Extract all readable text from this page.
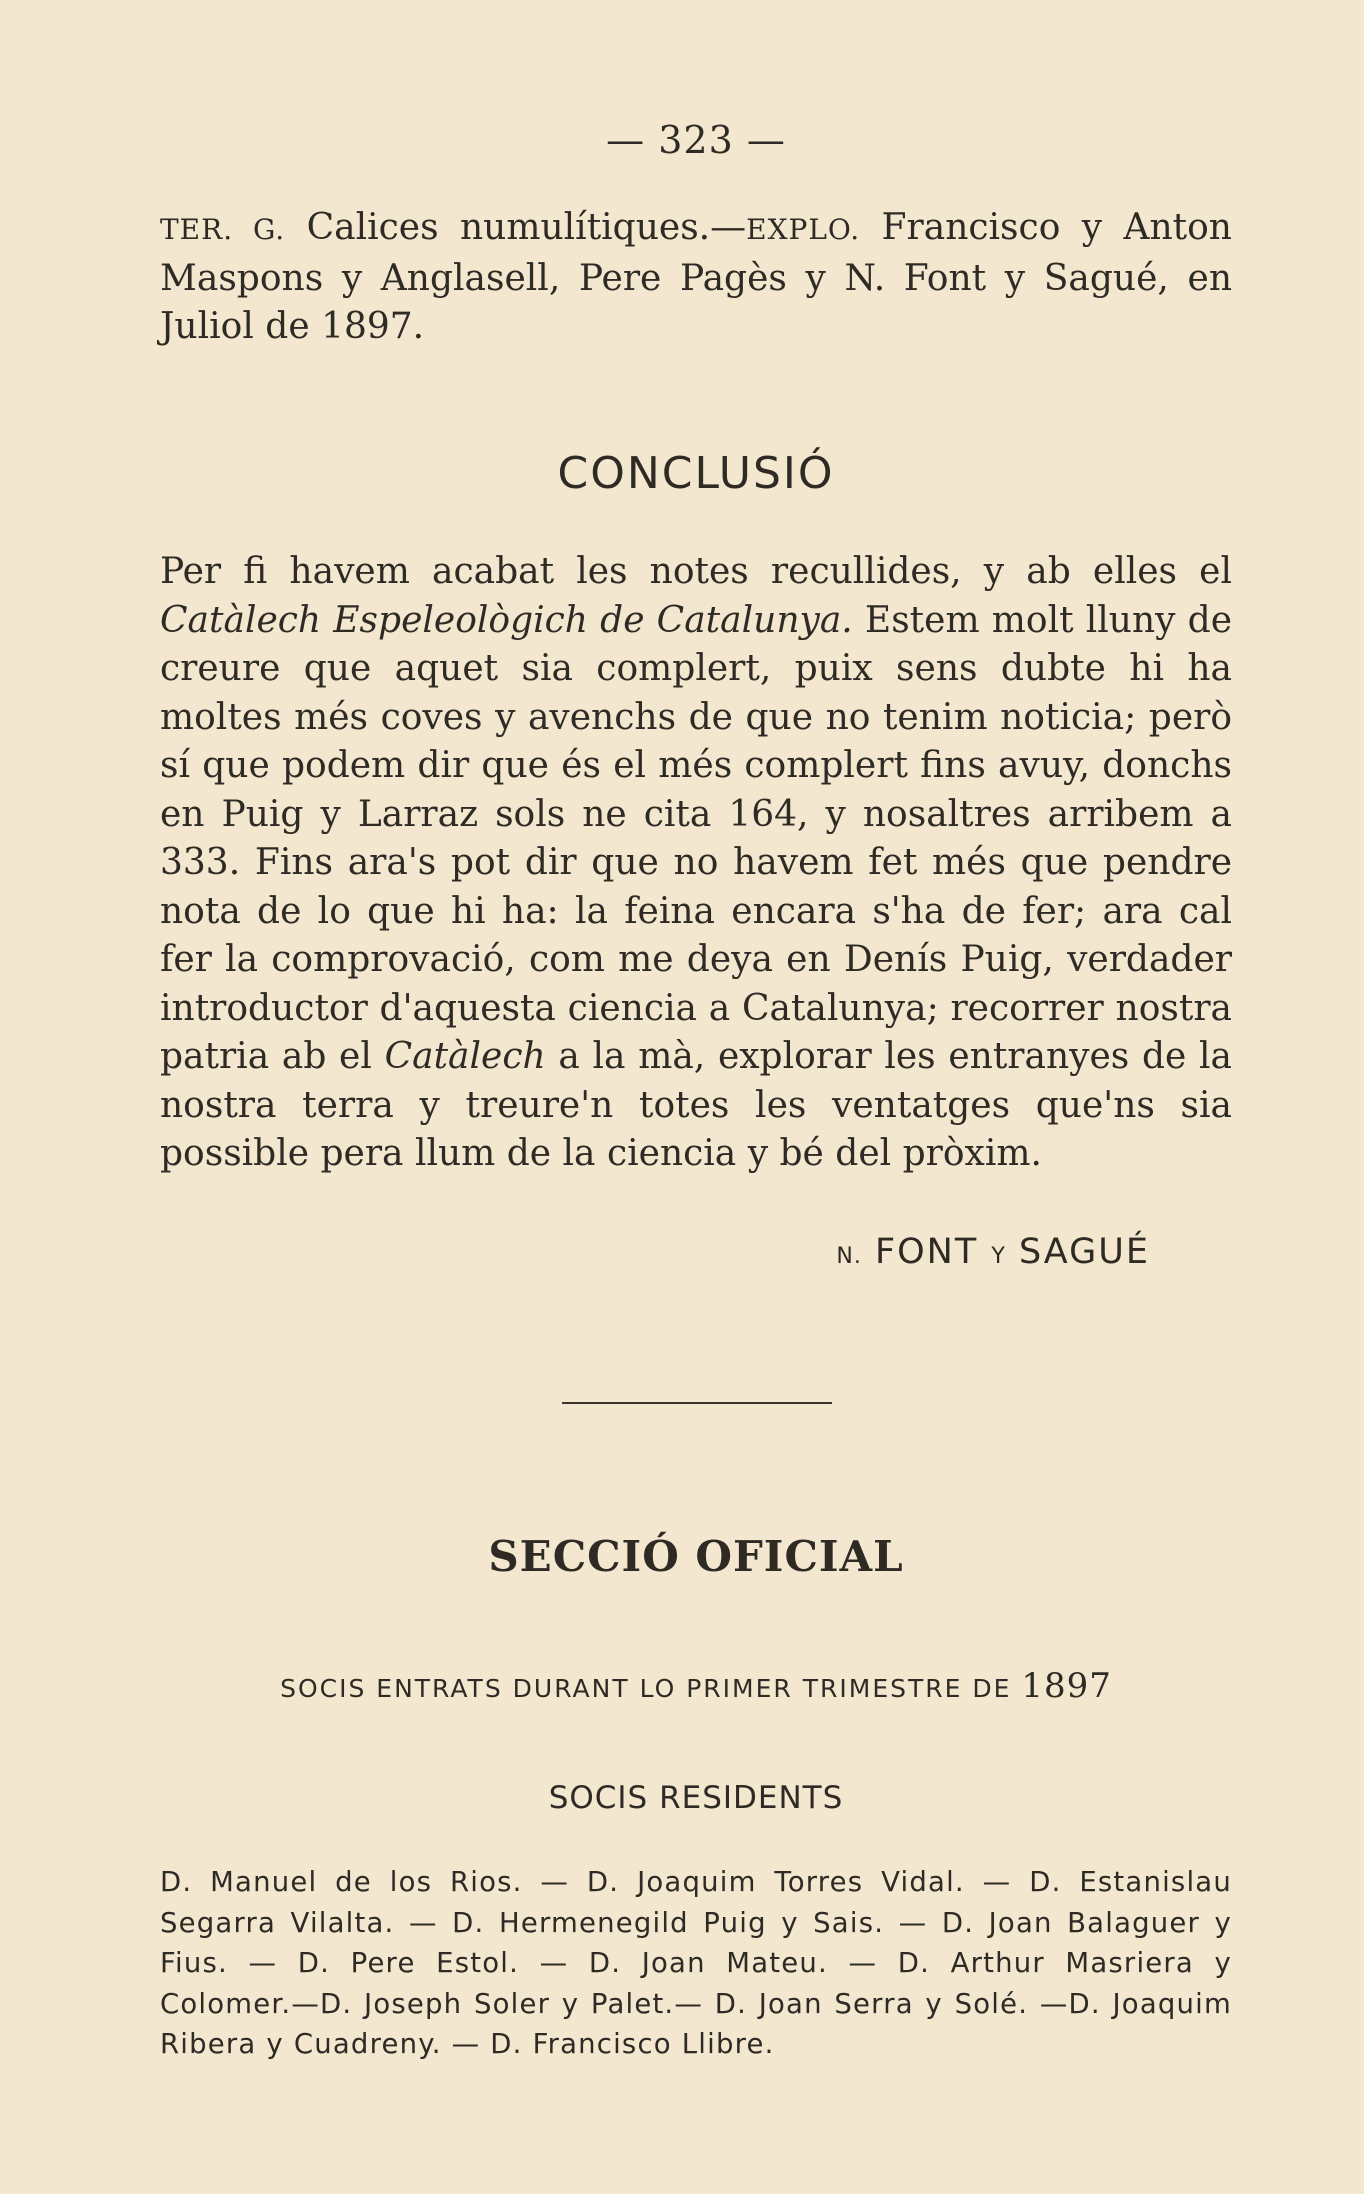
— 323 —

TER. G. Calices numulítiques.—EXPLO. Francisco y Anton Maspons y Anglasell, Pere Pagès y N. Font y Sagué, en Juliol de 1897.

CONCLUSIÓ

Per fi havem acabat les notes recullides, y ab elles el Catàlech Espeleològich de Catalunya. Estem molt lluny de creure que aquet sia complert, puix sens dubte hi ha moltes més coves y avenchs de que no tenim noticia; però sí que podem dir que és el més complert fins avuy, donchs en Puig y Larraz sols ne cita 164, y nosaltres arribem a 333. Fins ara's pot dir que no havem fet més que pendre nota de lo que hi ha: la feina encara s'ha de fer; ara cal fer la comprovació, com me deya en Denís Puig, verdader introductor d'aquesta ciencia a Catalunya; recorrer nostra patria ab el Catàlech a la mà, explorar les entranyes de la nostra terra y treure'n totes les ventatges que'ns sia possible pera llum de la ciencia y bé del pròxim.

N. FONT Y SAGUÉ
SECCIÓ OFICIAL
SOCIS ENTRATS DURANT LO PRIMER TRIMESTRE DE 1897
SOCIS RESIDENTS

D. Manuel de los Rios. — D. Joaquim Torres Vidal. — D. Estanislau Segarra Vilalta. — D. Hermenegild Puig y Sais. — D. Joan Balaguer y Fius. — D. Pere Estol. — D. Joan Mateu. — D. Arthur Masriera y Colomer.—D. Joseph Soler y Palet.— D. Joan Serra y Solé. —D. Joaquim Ribera y Cuadreny. — D. Francisco Llibre.
